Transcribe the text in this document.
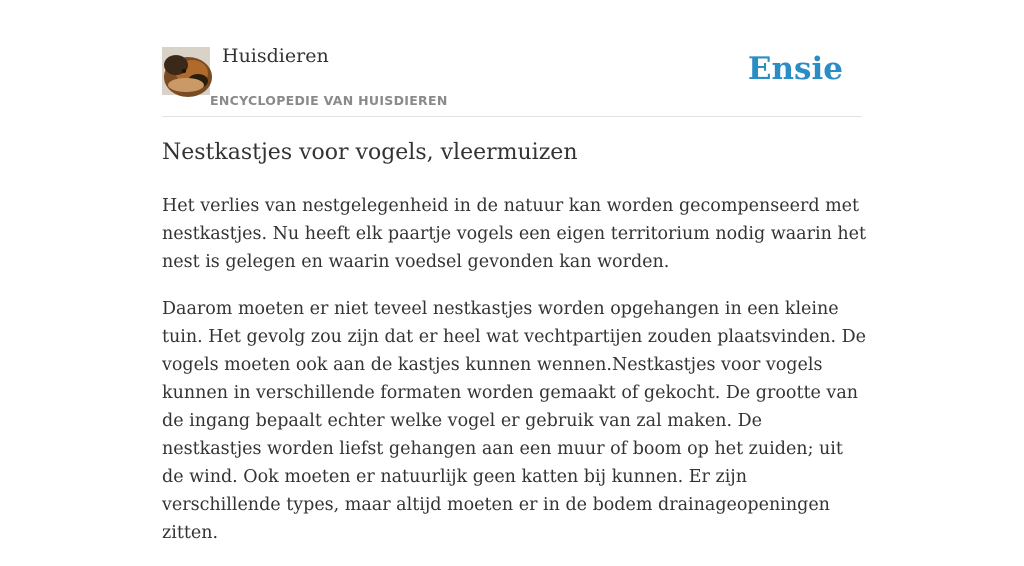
Huisdieren
ENCYCLOPEDIE VAN HUISDIEREN
Ensie
Nestkastjes voor vogels, vleermuizen

Het verlies van nestgelegenheid in de natuur kan worden gecompenseerd met nestkastjes. Nu heeft elk paartje vogels een eigen territorium nodig waarin het nest is gelegen en waarin voedsel gevonden kan worden.

Daarom moeten er niet teveel nestkastjes worden opgehangen in een kleine tuin. Het gevolg zou zijn dat er heel wat vechtpartijen zouden plaatsvinden. De vogels moeten ook aan de kastjes kunnen wennen.Nestkastjes voor vogels kunnen in verschillende formaten worden gemaakt of gekocht. De grootte van de ingang bepaalt echter welke vogel er gebruik van zal maken. De nestkastjes worden liefst gehangen aan een muur of boom op het zuiden; uit de wind. Ook moeten er natuurlijk geen katten bij kunnen. Er zijn verschillende types, maar altijd moeten er in de bodem drainageopeningen zitten.
